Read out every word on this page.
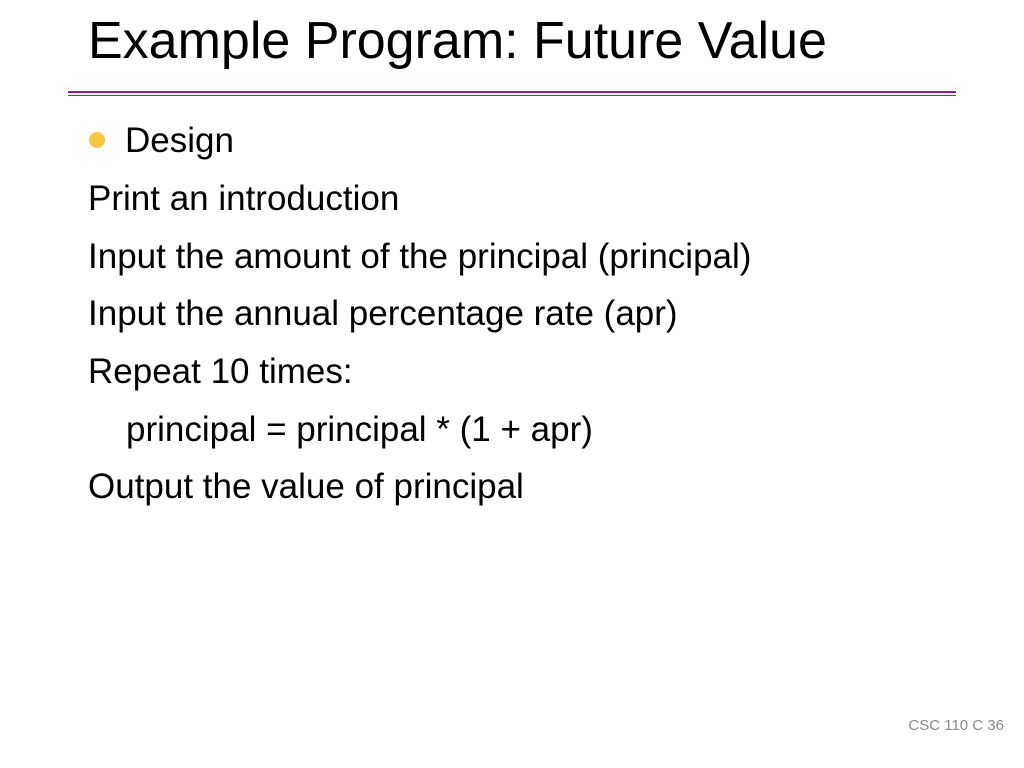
Example Program: Future Value
Design
Print an introduction
Input the amount of the principal (principal)
Input the annual percentage rate (apr)
Repeat 10 times:
principal = principal * (1 + apr)
Output the value of principal
CSC 110 C 36
